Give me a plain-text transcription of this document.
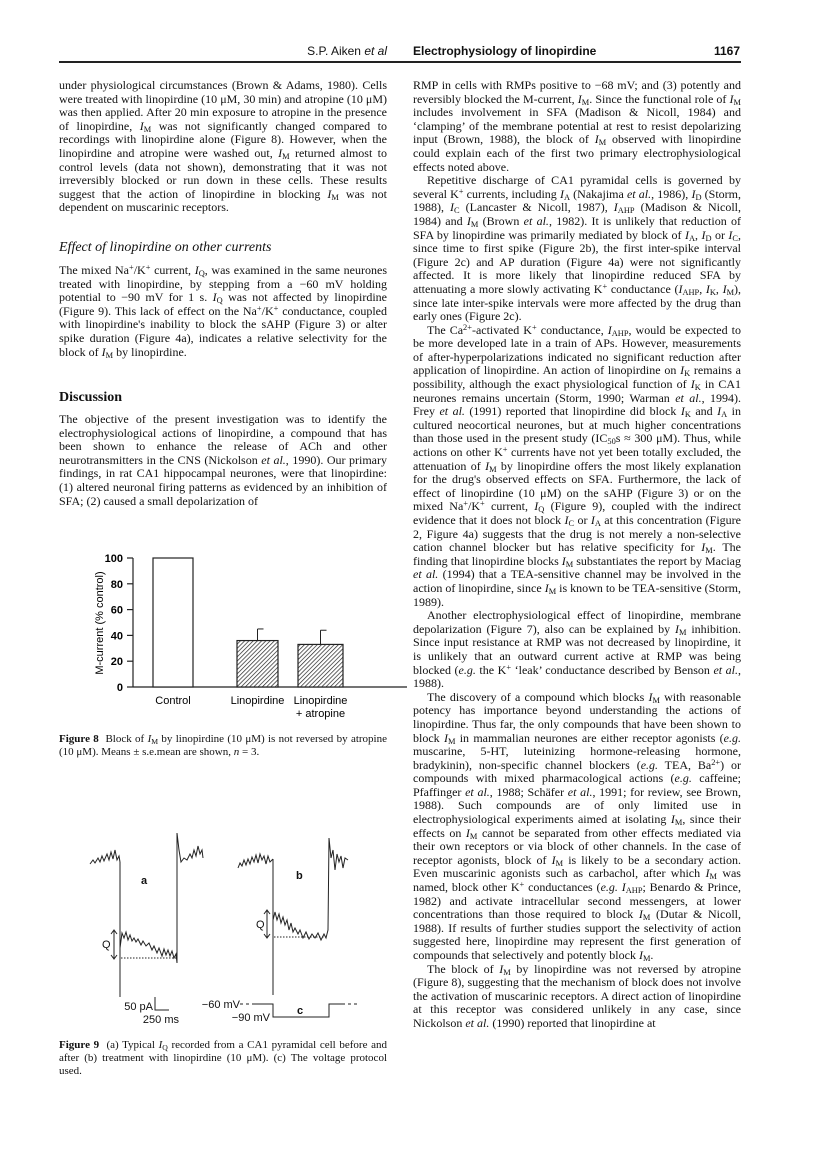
S.P. Aiken et al Electrophysiology of linopirdine	1167
under physiological circumstances (Brown & Adams, 1980). Cells were treated with linopirdine (10 μM, 30 min) and atropine (10 μM) was then applied. After 20 min exposure to atropine in the presence of linopirdine, $I_M$ was not significantly changed compared to recordings with linopirdine alone (Figure 8). However, when the linopirdine and atropine were washed out, $I_M$ returned almost to control levels (data not shown), demonstrating that it was not irreversibly blocked or run down in these cells. These results suggest that the action of linopirdine in blocking $I_M$ was not dependent on muscarinic receptors.
Effect of linopirdine on other currents
The mixed Na+/K+ current, $I_Q$, was examined in the same neurones treated with linopirdine, by stepping from a −60 mV holding potential to −90 mV for 1 s. $I_Q$ was not affected by linopirdine (Figure 9). This lack of effect on the Na+/K+ conductance, coupled with linopirdine's inability to block the sAHP (Figure 3) or alter spike duration (Figure 4a), indicates a relative selectivity for the block of $I_M$ by linopirdine.
Discussion
The objective of the present investigation was to identify the electrophysiological actions of linopirdine, a compound that has been shown to enhance the release of ACh and other neurotransmitters in the CNS (Nickolson et al., 1990). Our primary findings, in rat CA1 hippocampal neurones, were that linopirdine: (1) altered neuronal firing patterns as evidenced by an inhibition of SFA; (2) caused a small depolarization of
M-current (% control)
0
20
40
60
80
100
Control	Linopirdine Linopirdine
+ atropine
Figure 8 Block of $I_M$ by linopirdine (10 μM) is not reversed by atropine (10 μM). Means ± s.e.mean are shown, n = 3.
a	b
c
Q
Q
50 pA
250 ms
−60 mV
−90 mV
Figure 9 (a) Typical $I_Q$ recorded from a CA1 pyramidal cell before and after (b) treatment with linopirdine (10 μM). (c) The voltage protocol used.

RMP in cells with RMPs positive to −68 mV; and (3) potently and reversibly blocked the M-current, $I_M$. Since the functional role of $I_M$ includes involvement in SFA (Madison & Nicoll, 1984) and ‘clamping’ of the membrane potential at rest to resist depolarizing input (Brown, 1988), the block of $I_M$ observed with linopirdine could explain each of the first two primary electrophysiological effects noted above.

Repetitive discharge of CA1 pyramidal cells is governed by several K+ currents, including $I_A$ (Nakajima et al., 1986), $I_D$ (Storm, 1988), $I_C$ (Lancaster & Nicoll, 1987), $I_{AHP}$ (Madison & Nicoll, 1984) and $I_M$ (Brown et al., 1982). It is unlikely that reduction of SFA by linopirdine was primarily mediated by block of $I_A$, $I_D$ or $I_C$, since time to first spike (Figure 2b), the first inter-spike interval (Figure 2c) and AP duration (Figure 4a) were not significantly affected. It is more likely that linopirdine reduced SFA by attenuating a more slowly activating K+ conductance ($I_{AHP}$, $I_K$, $I_M$), since late inter-spike intervals were more affected by the drug than early ones (Figure 2c).

The $Ca^{2+}$-activated K+ conductance, $I_{AHP}$, would be expected to be more developed late in a train of APs. However, measurements of after-hyperpolarizations indicated no significant reduction after application of linopirdine. An action of linopirdine on $I_K$ remains a possibility, although the exact physiological function of $I_K$ in CA1 neurones remains uncertain (Storm, 1990; Warman et al., 1994). Frey et al. (1991) reported that linopirdine did block $I_K$ and $I_A$ in cultured neocortical neurones, but at much higher concentrations than those used in the present study ($IC_{50}s \approx 300$ μM). Thus, while actions on other K+ currents have not yet been totally excluded, the attenuation of $I_M$ by linopirdine offers the most likely explanation for the drug's observed effects on SFA. Furthermore, the lack of effect of linopirdine (10 μM) on the sAHP (Figure 3) or on the mixed Na+/K+ current, $I_Q$ (Figure 9), coupled with the indirect evidence that it does not block $I_C$ or $I_A$ at this concentration (Figure 2, Figure 4a) suggests that the drug is not merely a non-selective cation channel blocker but has relative specificity for $I_M$. The finding that linopirdine blocks $I_M$ substantiates the report by Maciag et al. (1994) that a TEA-sensitive channel may be involved in the action of linopirdine, since $I_M$ is known to be TEA-sensitive (Storm, 1989).

Another electrophysiological effect of linopirdine, membrane depolarization (Figure 7), also can be explained by $I_M$ inhibition. Since input resistance at RMP was not decreased by linopirdine, it is unlikely that an outward current active at RMP was being blocked (e.g. the K+ ‘leak’ conductance described by Benson et al., 1988).

The discovery of a compound which blocks $I_M$ with reasonable potency has importance beyond understanding the actions of linopirdine. Thus far, the only compounds that have been shown to block $I_M$ in mammalian neurones are either receptor agonists (e.g. muscarine, 5-HT, luteinizing hormone-releasing hormone, bradykinin), non-specific channel blockers (e.g. TEA, $Ba^{2+}$) or compounds with mixed pharmacological actions (e.g. caffeine; Pfaffinger et al., 1988; Schäfer et al., 1991; for review, see Brown, 1988). Such compounds are of only limited use in electrophysiological experiments aimed at isolating $I_M$, since their effects on $I_M$ cannot be separated from other effects mediated via their own receptors or via block of other channels. In the case of receptor agonists, block of $I_M$ is likely to be a secondary action. Even muscarinic agonists such as carbachol, after which $I_M$ was named, block other K+ conductances (e.g. $I_{AHP}$; Benardo & Prince, 1982) and activate intracellular second messengers, at lower concentrations than those required to block $I_M$ (Dutar & Nicoll, 1988). If results of further studies support the selectivity of action suggested here, linopirdine may represent the first generation of compounds that selectively and potently block $I_M$.

The block of $I_M$ by linopirdine was not reversed by atropine (Figure 8), suggesting that the mechanism of block does not involve the activation of muscarinic receptors. A direct action of linopirdine at this receptor was considered unlikely in any case, since Nickolson et al. (1990) reported that linopirdine at
